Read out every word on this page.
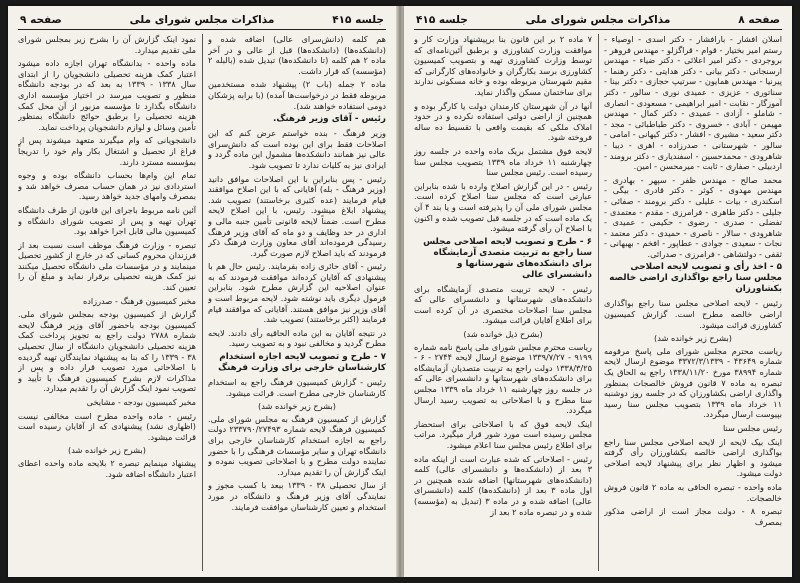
جلسه ۴۱۵
مذاکرات مجلس شورای ملی
صفحه ۹

هم کلمه (دانش‌سرای عالی) اضافه شده و (دانشکده‌ها) (دانشکده‌ها) قبل از عالی و در آخر ماده ۲ هم کلمه (تا دانشکده‌ها) تبدیل شده (بالبله ۲ (مؤسسه) که قرار داشت.

ماده ۲ جمله (باب ۲) پیشنهاد شده مستخدمین مربوطه فقط در درخواست‌ها آمده) (با برابه پزشکان دومی استفاده خواهند شد).

رئیس - آقای وزیر فرهنگ.

وزیر فرهنگ - بنده خواستم عرض کنم که این اصلاحات فقط برای این بوده است که دانش‌سرای عالی نیز همانند دانشکده‌ها مشمول این ماده گردد و ایرادی نیز به کلیات ندارد تا تصویب شود.

رئیس - پس بنابراین با این اصلاحات موافق دانید (وزیر فرهنگ - بله) آقایانی که با این اصلاح موافقند قیام فرمایند (عده کثیری برخاستند) تصویب شد. پیشنهاد ابلاغ میشود. رئیس، با این اصلاح لایحه مطرح است. ضمناً لایحه قانونی تأمین جنبه مالی و اداری در حد وظایف و دو ماه که آقای وزیر فرهنگ رسیدگی فرموده‌اند آقای معاون وزارت فرهنگ ذکر فرمودند که باید اصلاح لازم صورت گیرد.

رئیس - آقای حائری زاده بفرمایند. رئیس حال هم با پیشنهادی که آقایان کرده‌اند موافقت فرمودند که به عنوان اصلاحیه این گزارش مطرح شود. بنابراین فرمول دیگری باید نوشته شود. لایحه مربوط است و آقای وزیر نیز موافق هستند. آقایانی که موافقند قیام فرمایند (اکثر برخاستند) تصویب شد.

در نتیجه آقایان به این ماده الحاقیه رأی دادند. لایحه مطرح گردید و مخالفی نبود و به تصویب رسید.

۷ - طرح و تصویب لایحه اجازه استخدام کارشناسان خارجی برای وزارت فرهنگ

رئیس - گزارش کمیسیون فرهنگ راجع به استخدام کارشناسان خارجی مطرح است. قرائت میشود.

(بشرح زیر خوانده شد)

گزارش از کمیسیون فرهنگ به مجلس شورای ملی. کمیسیون فرهنگ لایحه شماره ۲۳۳۷۹۰/۲۷۴۹۳ دولت راجع به اجازه استخدام کارشناسان خارجی برای دانشگاه تهران و سایر مؤسسات فرهنگی را با حضور نماینده دولت مطرح و با اصلاحاتی تصویب نموده و اینک گزارش آن را تقدیم میدارد.

از سال تحصیلی ۳۸ - ۱۳۳۹ ببعد با کسب مجوز و نمایندگی آقای وزیر فرهنگ و دانشگاه در مورد استخدام و تعیین کارشناسان موافقت فرمایند.

نمود اینک گزارش آن را بشرح زیر بمجلس شورای ملی تقدیم میدارد.

ماده واحده - بدانشگاه تهران اجازه داده میشود اعتبار کمک هزینه تحصیلی دانشجویان را از ابتدای سال ۱۳۳۸ - ۱۳۳۹ به بعد که در بودجه دانشگاه منظور و تصویب میرسد در اختیار مؤسسه اداری دانشگاه بگذارد تا مؤسسه مزبور از آن محل کمک هزینه تحصیلی را برطبق حوائج دانشگاه بمنظور تأمین وسائل و لوازم دانشجویان پرداخت نماید.

دانشجویانی که وام میگیرند متعهد میشوند پس از فراغ از تحصیل و اشتغال بکار وام خود را تدریجاً بمؤسسه مسترد دارند.

تمام این وام‌ها بحساب دانشگاه بوده و وجوه استردادی نیز در همان حساب مصرف خواهد شد و بمصرف وامهای جدید خواهد رسید.

آئین نامه مربوط باجرای این قانون از طرف دانشگاه تهران تهیه و پس از تصویب شورای دانشگاه و کمیسیون مالی قابل اجرا خواهد بود.

تبصره - وزارت فرهنگ موظف است نسبت بعد از فرزندان محروم کسانی که در خارج از کشور تحصیل مینمایند و در مؤسسات ملی دانشگاه تحصیل میکنند نیز کمک هزینه تحصیلی برقرار نماید و مبلغ آن را تعیین کند.

مخبر کمیسیون فرهنگ - صدرزاده

گزارش از کمیسیون بودجه بمجلس شورای ملی. کمیسیون بودجه باحضور آقای وزیر فرهنگ لایحه شماره ۲۷۸۸ دولت راجع به تجویز پرداخت کمک هزینه تحصیلی دانشجویان دانشگاه از سال تحصیلی ۳۸ - ۱۳۳۹ را که بنا به پیشنهاد نمایندگان تهیه گردیده با اصلاحاتی مورد تصویب قرار داده و پس از مذاکرات لازم بشرح کمیسیون فرهنگ با تأیید و تصویب نمود اینک گزارش آن را تقدیم میدارد.

مخبر کمیسیون بودجه - مشایخی

رئیس - ماده واحده مطرح است مخالفی نیست (اظهاری نشد) پیشنهادی که از آقایان رسیده است قرائت میشود.

(بشرح زیر خوانده شد)

پیشنهاد مینمایم تبصره ۲ بلایحه ماده واحده اعطای اعتبار دانشگاه اضافه شود.

صفحه ۸
مذاکرات مجلس شورای ملی
جلسه ۴۱۵

اسلان افشار - بارافشار - دکتر اسدی - اوصیاء - رستم امیر بختیار - قوام - قراگزلو - مهندس فروهر - بروجردی - دکتر امیر اعلائی - دکتر ضیاء - مهندس ارسنجانی - دکتر بیانی - دکتر هدایتی - دکتر رهنما - پیرنیا - مهندس همایون - سرتیپ حجازی - دکتر بینا - سناتوری - عزیزی - عمیدی نوری - سالور - دکتر آموزگار - نقابت - امیر ابراهیمی - مسعودی - انصاری - شاملو - آزادی - عمیدی - دکتر کمال - مهندس مهیمن - آبادی - خسروی - دکتر طباطبائی - مجد - دکتر سعید - مشیری - افشار - دکتر کیهانی - امامی - سالور - شهرستانی - صدرزاده - اهری - دیبا - شاهرودی - محمدحسین - اسفندیاری - دکتر برومند - اردبیلی - صفاری - ثابت - میرمحسن - امین.

محمد صالح - مهندس ظفر - سپهر - بهادری - مهندس مهدوی - کوثر - دکتر قادری - بیگی - اسکندری - بیات - علیلی - دکتر برومند - صفائی - جلیلی - دکتر طاهری - فرامرزی - مقدم - معتمدی - تفضلی - صدری - رضوی - حکیمی - عمیدی - شاهرودی - سالار - ناصری - حمیدی - دکتر معتمد - نجات - سعیدی - جوادی - عطاپور - افخم - بهبهانی - ثقفی - دولتشاهی - فرامرزی - صدرائی.

۵ - اخذ رأی و تصویب لایحه اصلاحی مجلس سنا راجع بواگذاری اراضی خالصه بکشاورزان

رئیس - لایحه اصلاحی مجلس سنا راجع بواگذاری اراضی خالصه مطرح است. گزارش کمیسیون کشاورزی قرائت میشود.

(بشرح زیر خوانده شد)

ریاست محترم مجلس شورای ملی پاسخ مرقومه شماره ۴۳۶۴۹ - ۳۳۷۲/۳/۱۳۳۹ موضوع ارسال لایحه شماره ۳۸۹۹۴ مورخ ۱۳۳۸/۱۱/۲۰ راجع به الحاق یک تبصره به ماده ۷ قانون فروش خالصجات بمنظور واگذاری اراضی بکشاورزان که در جلسه روز دوشنبه ۱۱ خرداد ماه ۱۳۳۹ بتصویب مجلس سنا رسید بپیوست ارسال میگردد.

رئیس مجلس سنا

اینک بیک لایحه از لایحه اصلاحی مجلس سنا راجع بواگذاری اراضی خالصه بکشاورزان رأی گرفته میشود و اظهار نظر برای پیشنهاد لایحه اصلاحی دولت میشود.

ماده واحده - تبصره الحاقی به ماده ۲ قانون فروش خالصجات.

تبصره ۸ - دولت مجاز است از اراضی مذکور بمصرف

۷ ماده ۲ بر این قانون بنا برپیشنهاد وزارت کار و موافقت وزارت کشاورزی و برطبق آئین‌نامه‌ای که توسط وزارت کشاورزی تهیه و بتصویب کمیسیون کشاورزی برسد بکارگران و خانواده‌های کارگرانی که مقیم شهرستان مربوطه بوده و خانه مسکونی ندارند برای ساختمان مسکن واگذار نماید.

آنها در آن شهرستان کارمندان دولت یا کارگر بوده و همچنین از اراضی دولتی استفاده نکرده و در حدود املاک ملکی که بقیمت واقعی با تقسیط ده ساله فروخته شود.

لایحه فوق مشتمل بریک ماده واحده در جلسه روز چهارشنبه ۱۱ خرداد ماه ۱۳۳۹ بتصویب مجلس سنا رسیده است. رئیس مجلس سنا

رئیس - در این گزارش اصلاح وارده با شده بنابراین عبارتی است که مجلس سنا اصلاح کرده است. مجلس شورای ملی آن را پذیرفته است و یا بند ۴ آن یک ماده است که در جلسه قبل تصویب شده و اکنون با اصلاح آن رأی گرفته میشود.

۶ - طرح و تصویب لایحه اصلاحی مجلس سنا راجع به تربیت متصدی آزمایشگاه برای دانشکده‌های شهرستانها و دانشسرای عالی

رئیس - لایحه تربیت متصدی آزمایشگاه برای دانشکده‌های شهرستانها و دانشسرای عالی که مجلس سنا اصلاحات مختصری در آن کرده است برای اطلاع آقایان قرائت میشود.

(بشرح ذیل خوانده شد)

ریاست محترم مجلس شورای ملی پاسخ نامه شماره ۹۱۹۹ - ۱۳۳۹/۷/۲۷ موضوع ارسال لایحه ۲۷۴۴ - ۶ - ۱۳۳۸/۳/۲۵ دولت راجع به تربیت متصدیان آزمایشگاه برای دانشکده‌های شهرستانها و دانشسرای عالی که در جلسه روز چهارشنبه ۱۱ خرداد ماه ۱۳۳۹ مجلس سنا مطرح و با اصلاحاتی به تصویب رسید ارسال میگردد.

اینک لایحه فوق که با اصلاحاتی برای استحضار مجلس رسیده است مورد شور قرار میگیرد. مراتب برای اطلاع رئیس مجلس سنا اعلام میشود.

رئیس - اصلاحاتی که شده عبارت است از اینکه ماده ۳ بعد از (دانشکده‌ها و دانشسرای عالی) کلمه (دانشکده‌های شهرستانها) اضافه شده همچنین در اول ماده ۳ بعد از (دانشکده‌ها) کلمه (دانشسرای عالی) اضافه شده و در ماده ۳ (تبدیل به (مؤسسه) شده و در تبصره ماده ۲ بعد از
